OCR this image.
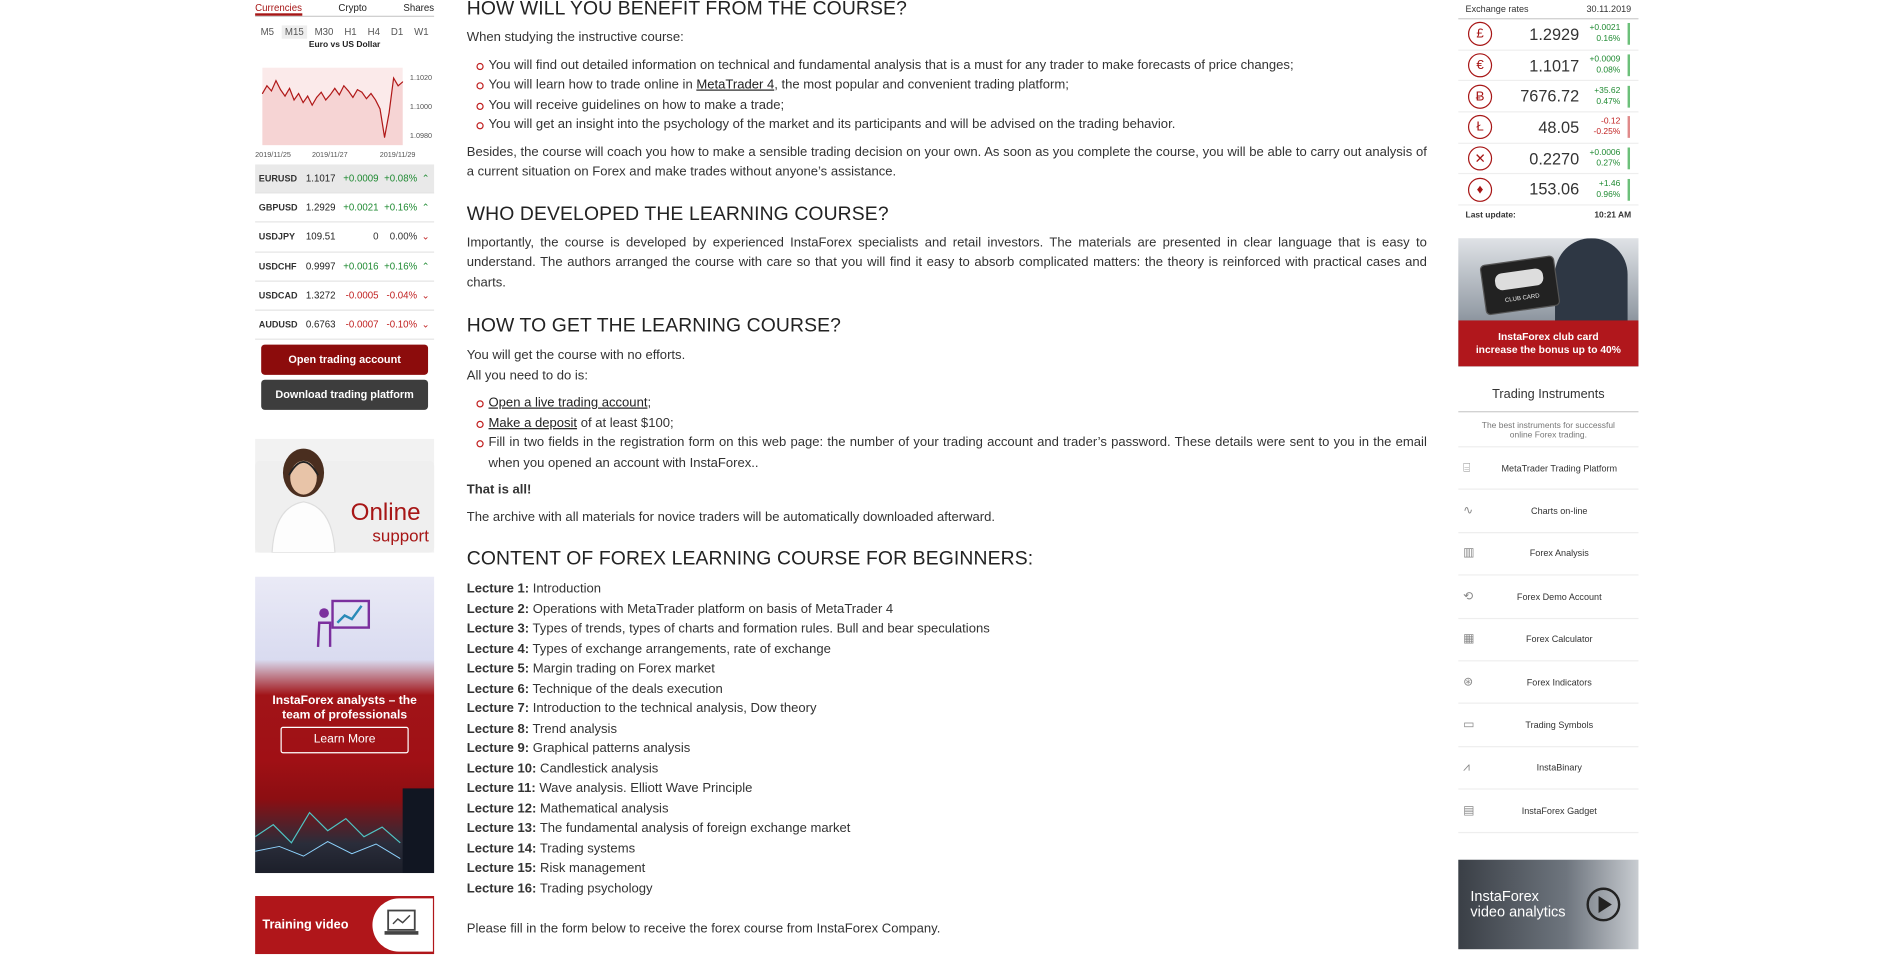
Currencies	Crypto	Shares
M5	M15	M30	H1	H4	D1	W1
Euro vs US Dollar
1.1020
1.1000
1.0980
2019/11/25	2019/11/27	2019/11/29
EURUSD	1.1017 +0.0009 +0.08% ⌃
GBPUSD	1.2929 +0.0021 +0.16% ⌃
USDJPY	109.51	0	0.00% ⌄
USDCHF	0.9997 +0.0016 +0.16% ⌃
USDCAD	1.3272	-0.0005	-0.04% ⌄
AUDUSD	0.6763	-0.0007	-0.10% ⌄
Open trading account
Download trading platform
Online
support
InstaForex analysts – the team of professionals
Learn More
Training video
HOW WILL YOU BENEFIT FROM THE COURSE?
When studying the instructive course:
You will find out detailed information on technical and fundamental analysis that is a must for any trader to make forecasts of price changes;
You will learn how to trade online in MetaTrader 4, the most popular and convenient trading platform;
You will receive guidelines on how to make a trade;
You will get an insight into the psychology of the market and its participants and will be advised on the trading behavior.
Besides, the course will coach you how to make a sensible trading decision on your own. As soon as you complete the course, you will be able to carry out analysis of a current situation on Forex and make trades without anyone’s assistance.
WHO DEVELOPED THE LEARNING COURSE?
Importantly, the course is developed by experienced InstaForex specialists and retail investors. The materials are presented in clear language that is easy to understand. The authors arranged the course with care so that you will find it easy to absorb complicated matters: the theory is reinforced with practical cases and charts.
HOW TO GET THE LEARNING COURSE?
You will get the course with no efforts.
All you need to do is:
Open a live trading account;
Make a deposit of at least $100;
Fill in two fields in the registration form on this web page: the number of your trading account and trader’s password. These details were sent to you in the email when you opened an account with InstaForex..
That is all!
The archive with all materials for novice traders will be automatically downloaded afterward.
CONTENT OF FOREX LEARNING COURSE FOR BEGINNERS:
Lecture 1: Introduction
Lecture 2: Operations with MetaTrader platform on basis of MetaTrader 4
Lecture 3: Types of trends, types of charts and formation rules. Bull and bear speculations
Lecture 4: Types of exchange arrangements, rate of exchange
Lecture 5: Margin trading on Forex market
Lecture 6: Technique of the deals execution
Lecture 7: Introduction to the technical analysis, Dow theory
Lecture 8: Trend analysis
Lecture 9: Graphical patterns analysis
Lecture 10: Candlestick analysis
Lecture 11: Wave analysis. Elliott Wave Principle
Lecture 12: Mathematical analysis
Lecture 13: The fundamental analysis of foreign exchange market
Lecture 14: Trading systems
Lecture 15: Risk management
Lecture 16: Trading psychology
Please fill in the form below to receive the forex course from InstaForex Company.
Exchange rates	30.11.2019
£	1.2929	+0.0021
0.16%
€	1.1017	+0.0009
0.08%
Ƀ	7676.72	+35.62
0.47%
Ł	48.05	-0.12
-0.25%
✕	0.2270	+0.0006
0.27%
♦	153.06	+1.46
0.96%
Last update:	10:21 AM
CLUB CARD
InstaForex club card
increase the bonus up to 40%
Trading Instruments
The best instruments for successful online Forex trading.
⌸	MetaTrader Trading Platform
∿	Charts on-line
▥	Forex Analysis
⟲	Forex Demo Account
▦	Forex Calculator
⊛	Forex Indicators
▭	Trading Symbols
⩘	InstaBinary
▤	InstaForex Gadget
InstaForex
video analytics
